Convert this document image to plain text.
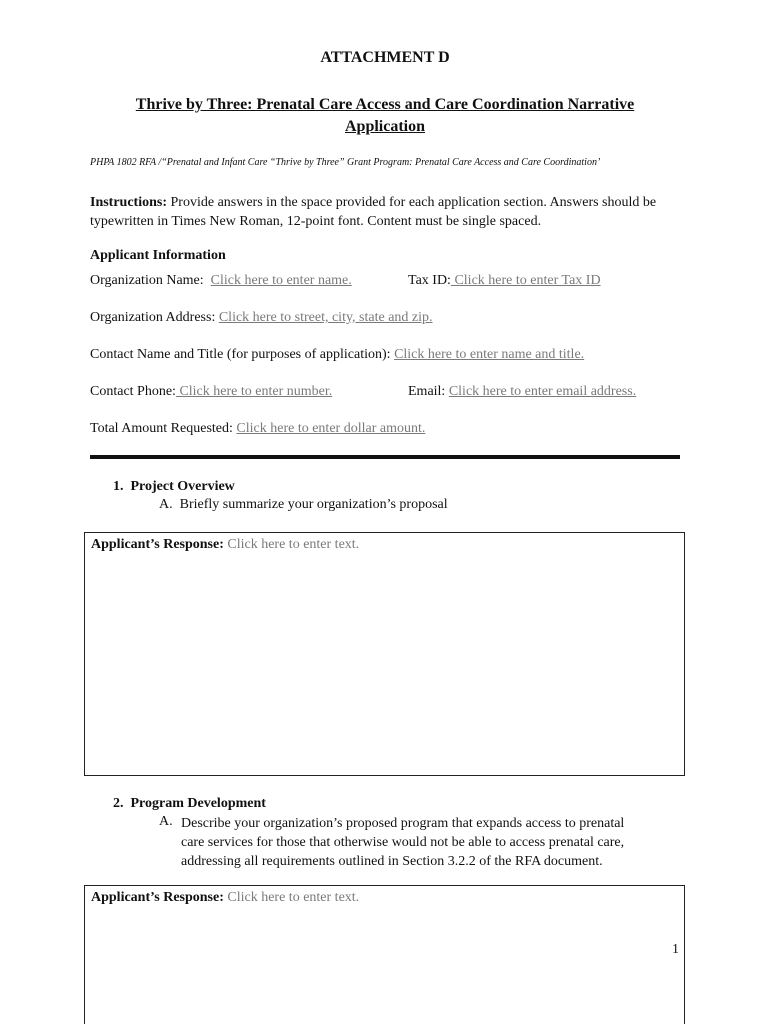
ATTACHMENT D
Thrive by Three: Prenatal Care Access and Care Coordination Narrative Application
PHPA 1802 RFA /“Prenatal and Infant Care “Thrive by Three” Grant Program: Prenatal Care Access and Care Coordination’
Instructions: Provide answers in the space provided for each application section. Answers should be typewritten in Times New Roman, 12-point font. Content must be single spaced.
Applicant Information
Organization Name: Click here to enter name.	Tax ID: Click here to enter Tax ID
Organization Address: Click here to street, city, state and zip.
Contact Name and Title (for purposes of application): Click here to enter name and title.
Contact Phone: Click here to enter number.	Email: Click here to enter email address.
Total Amount Requested: Click here to enter dollar amount.
1. Project Overview
A. Briefly summarize your organization’s proposal
Applicant’s Response: Click here to enter text.
2. Program Development
A. Describe your organization’s proposed program that expands access to prenatal
care services for those that otherwise would not be able to access prenatal care,
addressing all requirements outlined in Section 3.2.2 of the RFA document.
Applicant’s Response: Click here to enter text.
1
